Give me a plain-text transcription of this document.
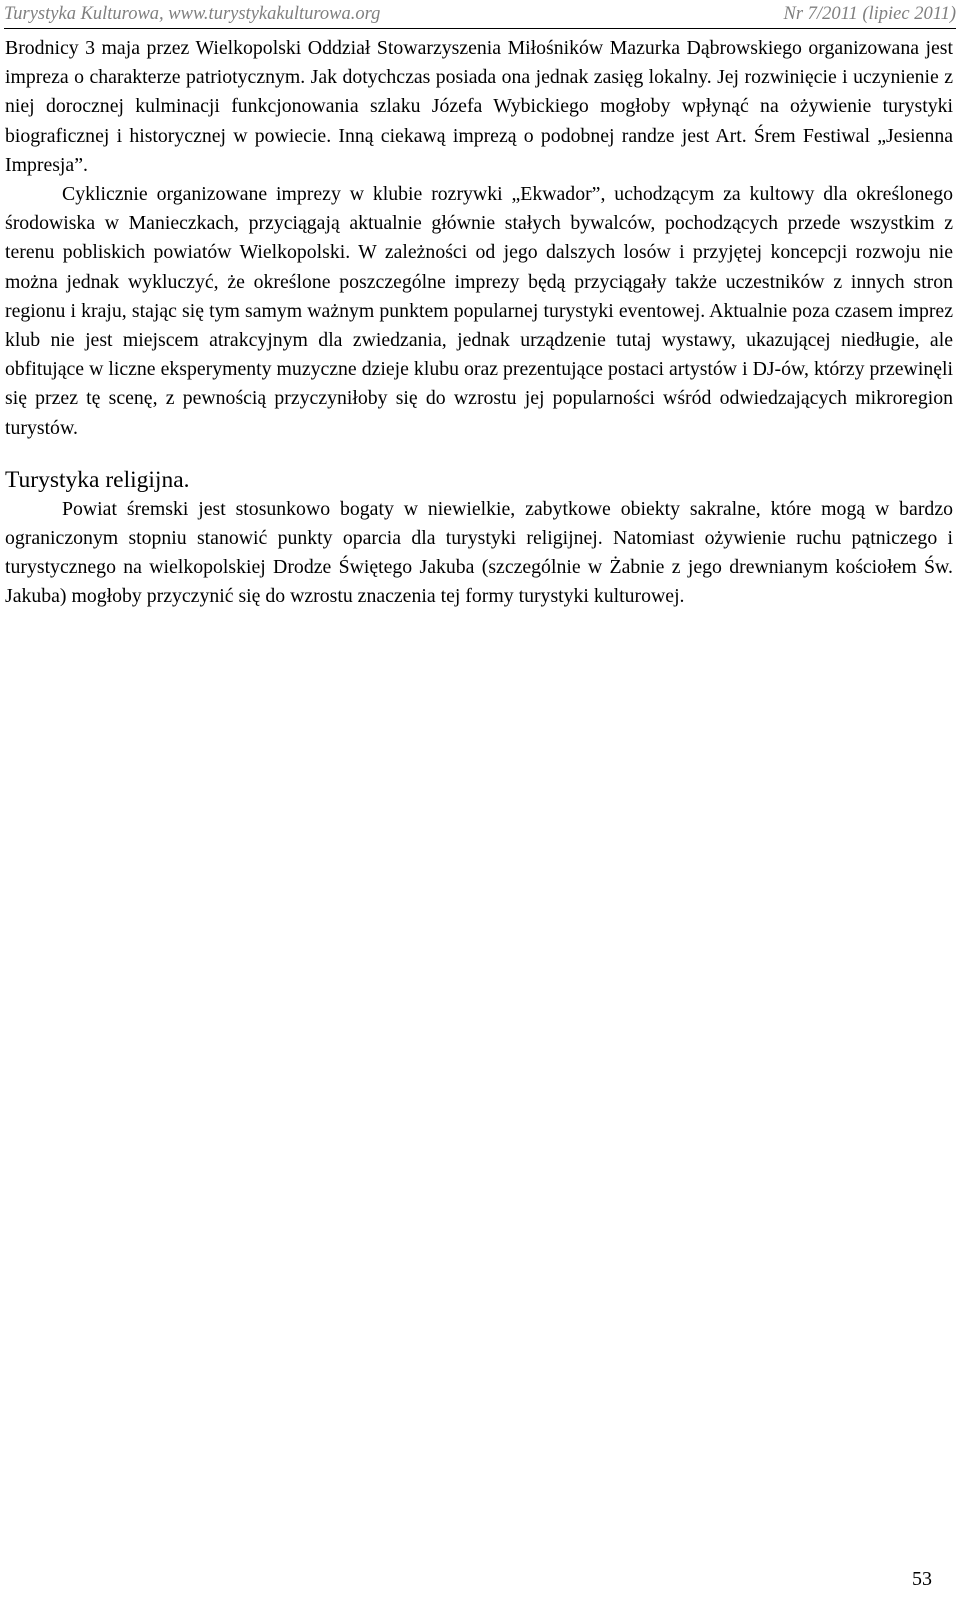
Turystyka Kulturowa, www.turystykakulturowa.org	Nr 7/2011 (lipiec 2011)

Brodnicy 3 maja przez Wielkopolski Oddział Stowarzyszenia Miłośników Mazurka Dąbrowskiego organizowana jest impreza o charakterze patriotycznym. Jak dotychczas posiada ona jednak zasięg lokalny. Jej rozwinięcie i uczynienie z niej dorocznej kulminacji funkcjonowania szlaku Józefa Wybickiego mogłoby wpłynąć na ożywienie turystyki biograficznej i historycznej w powiecie. Inną ciekawą imprezą o podobnej randze jest Art. Śrem Festiwal „Jesienna Impresja”.

Cyklicznie organizowane imprezy w klubie rozrywki „Ekwador”, uchodzącym za kultowy dla określonego środowiska w Manieczkach, przyciągają aktualnie głównie stałych bywalców, pochodzących przede wszystkim z terenu pobliskich powiatów Wielkopolski. W zależności od jego dalszych losów i przyjętej koncepcji rozwoju nie można jednak wykluczyć, że określone poszczególne imprezy będą przyciągały także uczestników z innych stron regionu i kraju, stając się tym samym ważnym punktem popularnej turystyki eventowej. Aktualnie poza czasem imprez klub nie jest miejscem atrakcyjnym dla zwiedzania, jednak urządzenie tutaj wystawy, ukazującej niedługie, ale obfitujące w liczne eksperymenty muzyczne dzieje klubu oraz prezentujące postaci artystów i DJ-ów, którzy przewinęli się przez tę scenę, z pewnością przyczyniłoby się do wzrostu jej popularności wśród odwiedzających mikroregion turystów.

Turystyka religijna.

Powiat śremski jest stosunkowo bogaty w niewielkie, zabytkowe obiekty sakralne, które mogą w bardzo ograniczonym stopniu stanowić punkty oparcia dla turystyki religijnej. Natomiast ożywienie ruchu pątniczego i turystycznego na wielkopolskiej Drodze Świętego Jakuba (szczególnie w Żabnie z jego drewnianym kościołem Św. Jakuba) mogłoby przyczynić się do wzrostu znaczenia tej formy turystyki kulturowej.

53
